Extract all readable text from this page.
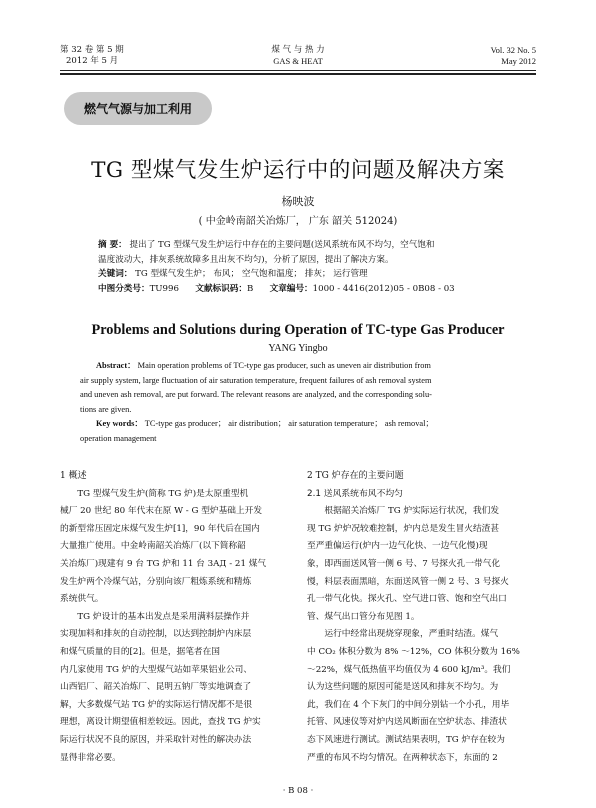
第 32 卷 第 5 期
2012 年 5 月
煤 气 与 热 力
GAS & HEAT
Vol. 32 No. 5
May 2012
燃气气源与加工利用
TG 型煤气发生炉运行中的问题及解决方案
杨映波
( 中金岭南韶关冶炼厂， 广东 韶关 512024)

摘 要： 提出了 TG 型煤气发生炉运行中存在的主要问题(送风系统布风不均匀，空气饱和

温度波动大，排灰系统故障多且出灰不均匀)，分析了原因，提出了解决方案。

关键词： TG 型煤气发生炉； 布风； 空气饱和温度； 排灰； 运行管理

中图分类号：TU996 文献标识码：B 文章编号：1000 - 4416(2012)05 - 0B08 - 03

Problems and Solutions during Operation of TC-type Gas Producer
YANG Yingbo

Abstract： Main operation problems of TC-type gas producer, such as uneven air distribution from

air supply system, large fluctuation of air saturation temperature, frequent failures of ash removal system

and uneven ash removal, are put forward. The relevant reasons are analyzed, and the corresponding solu-

tions are given.

Key words： TC-type gas producer； air distribution； air saturation temperature； ash removal；

operation management

1 概述

TG 型煤气发生炉(简称 TG 炉)是太原重型机

械厂 20 世纪 80 年代末在原 W - G 型炉基础上开发
的新型常压固定床煤气发生炉[1]，90 年代后在国内
大量推广使用。中金岭南韶关冶炼厂(以下简称韶
关冶炼厂)现建有 9 台 TG 炉和 11 台 3AД - 21 煤气
发生炉两个冷煤气站，分别向该厂粗炼系统和精炼
系统供气。

TG 炉设计的基本出发点是采用满料层操作并

实现加料和排灰的自动控制，以达到控制炉内床层
和煤气质量的目的[2]。但是，据笔者在国
内几家使用 TG 炉的大型煤气站如苹果铝业公司、
山西铝厂、韶关冶炼厂、昆明五钠厂等实地调查了
解，大多数煤气站 TG 炉的实际运行情况都不是很
理想，离设计期望值相差较远。因此，查找 TG 炉实
际运行状况不良的原因，并采取针对性的解决办法
显得非常必要。
2 TG 炉存在的主要问题
2.1 送风系统布风不均匀

根据韶关冶炼厂 TG 炉实际运行状况，我们发

现 TG 炉炉况较难控制，炉内总是发生冒火结渣甚
至严重偏运行(炉内一边气化快、一边气化慢)现
象，即西面送风管一侧 6 号、7 号探火孔一带气化
慢，料层表面黑暗，东面送风管一侧 2 号、3 号探火
孔一带气化快。探火孔、空气进口管、饱和空气出口
管、煤气出口管分布见图 1。

运行中经常出现烧穿现象，严重时结渣。煤气

中 CO₂ 体积分数为 8% ～12%，CO 体积分数为 16%
～22%，煤气低热值平均值仅为 4 600 kJ/m³。我们
认为这些问题的原因可能是送风和排灰不均匀。为
此，我们在 4 个下灰门的中间分别钻一个小孔，用毕
托管、风速仪等对炉内送风断面在空炉状态、排渣状
态下风速进行测试。测试结果表明，TG 炉存在较为
严重的布风不均匀情况。在两种状态下，东面的 2
· B 08 ·
